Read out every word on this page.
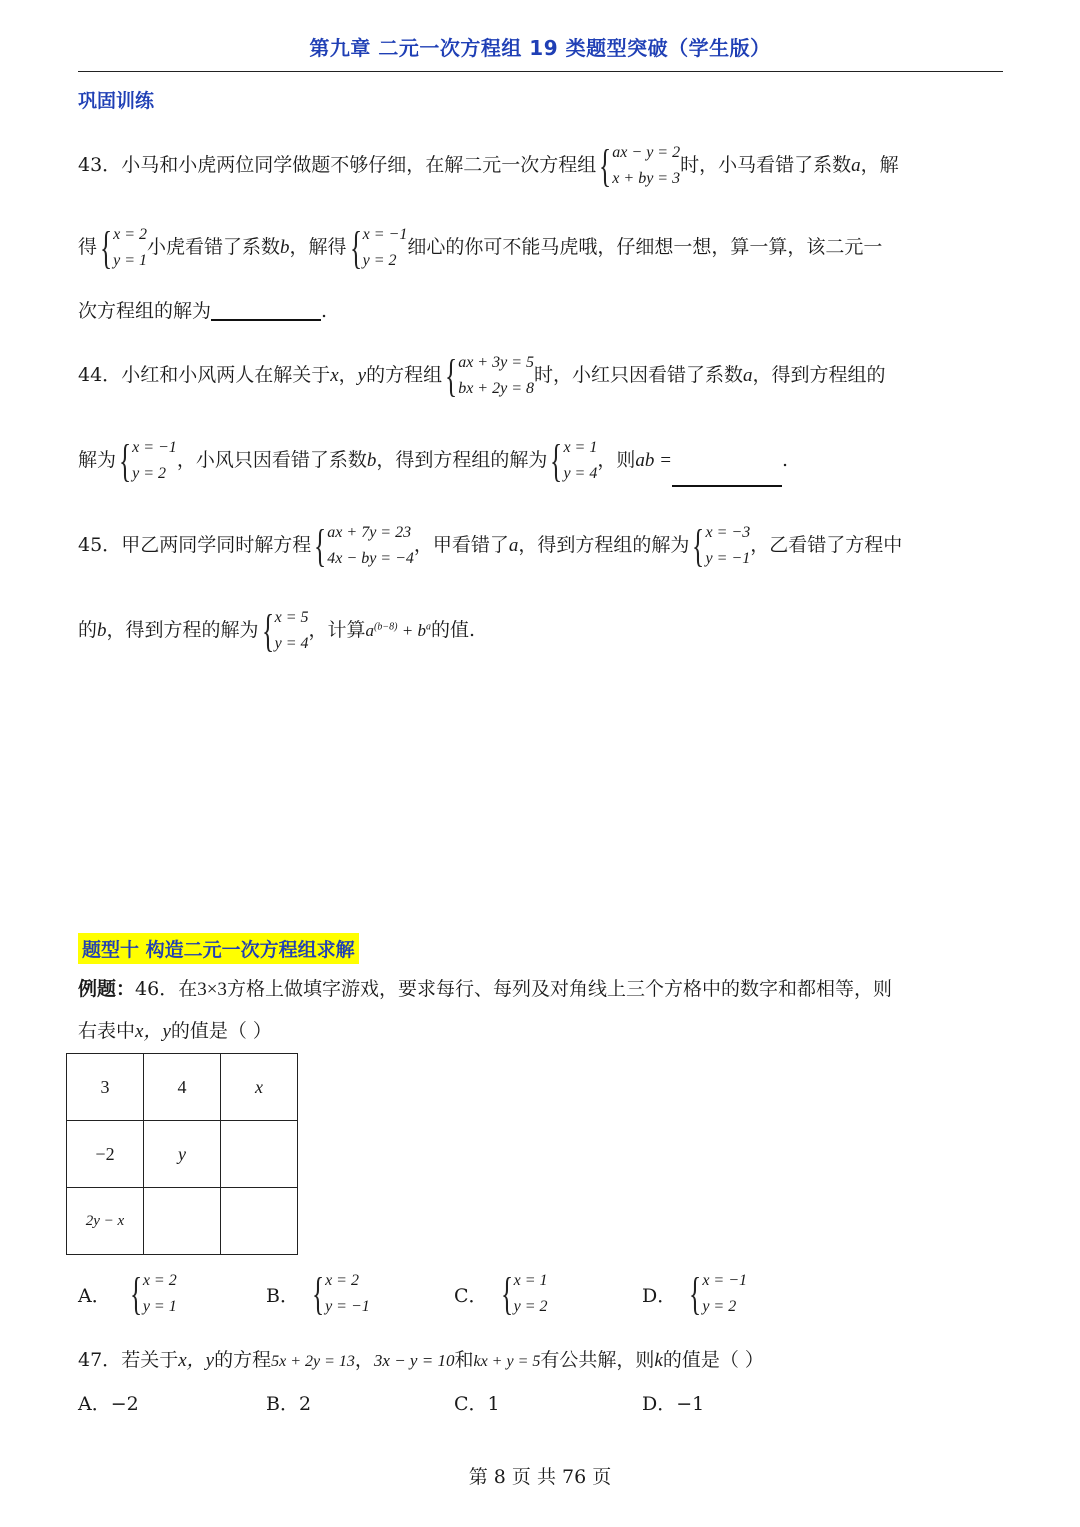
第九章 二元一次方程组 19 类题型突破（学生版）
巩固训练
43．小马和小虎两位同学做题不够仔细，在解二元一次方程组 { ax − y = 2
x + by = 3
时，小马看错了系数a，解
得 { x = 2
y = 1
小虎看错了系数b，解得 { x = −1
y = 2
细心的你可不能马虎哦，仔细想一想，算一算，该二元一
次方程组的解为	.
44．小红和小风两人在解关于x，y的方程组 { ax + 3y = 5
bx + 2y = 8
时，小红只因看错了系数a，得到方程组的
解为 { x = −1
y = 2
，小风只因看错了系数b，得到方程组的解为 { x = 1
y = 4
，则ab =	.
45．甲乙两同学同时解方程 { ax + 7y = 23
4x − by = −4
，甲看错了a，得到方程组的解为 { x = −3
y = −1
，乙看错了方程中
的b，得到方程的解为 { x = 5
y = 4
，计算$a^{(b-8)} + b^a$的值.
题型十 构造二元一次方程组求解
例题：46．在3×3方格上做填字游戏，要求每行、每列及对角线上三个方格中的数字和都相等，则
右表中x，y的值是（ ）
3	4	x
−2	y	
2y − x		
A． { x = 2
y = 1	B． { x = 2
y = −1	C． { x = 1
y = 2	D． { x = −1
y = 2
47．若关于x，y的方程5x + 2y = 13，3x − y = 10和kx + y = 5有公共解，则k的值是（ ）
A．−2	B．2	C．1	D．−1
第 8 页 共 76 页
